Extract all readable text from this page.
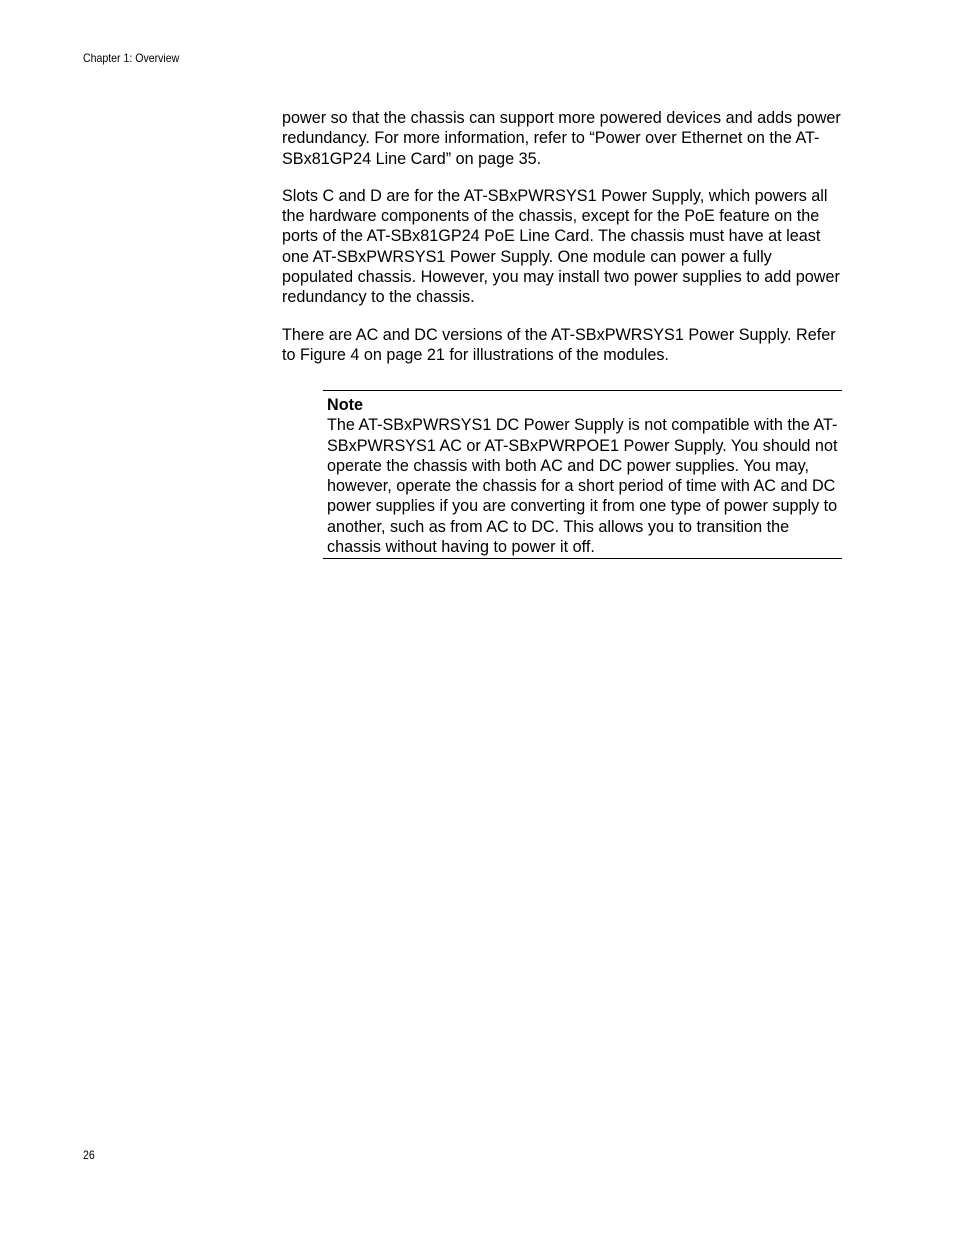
Chapter 1: Overview

power so that the chassis can support more powered devices and adds power redundancy. For more information, refer to “Power over Ethernet on the AT-SBx81GP24 Line Card” on page 35.

Slots C and D are for the AT-SBxPWRSYS1 Power Supply, which powers all the hardware components of the chassis, except for the PoE feature on the ports of the AT-SBx81GP24 PoE Line Card. The chassis must have at least one AT-SBxPWRSYS1 Power Supply. One module can power a fully populated chassis. However, you may install two power supplies to add power redundancy to the chassis.

There are AC and DC versions of the AT-SBxPWRSYS1 Power Supply. Refer to Figure 4 on page 21 for illustrations of the modules.

Note

The AT-SBxPWRSYS1 DC Power Supply is not compatible with the AT-SBxPWRSYS1 AC or AT-SBxPWRPOE1 Power Supply. You should not operate the chassis with both AC and DC power supplies. You may, however, operate the chassis for a short period of time with AC and DC power supplies if you are converting it from one type of power supply to another, such as from AC to DC. This allows you to transition the chassis without having to power it off.

26
